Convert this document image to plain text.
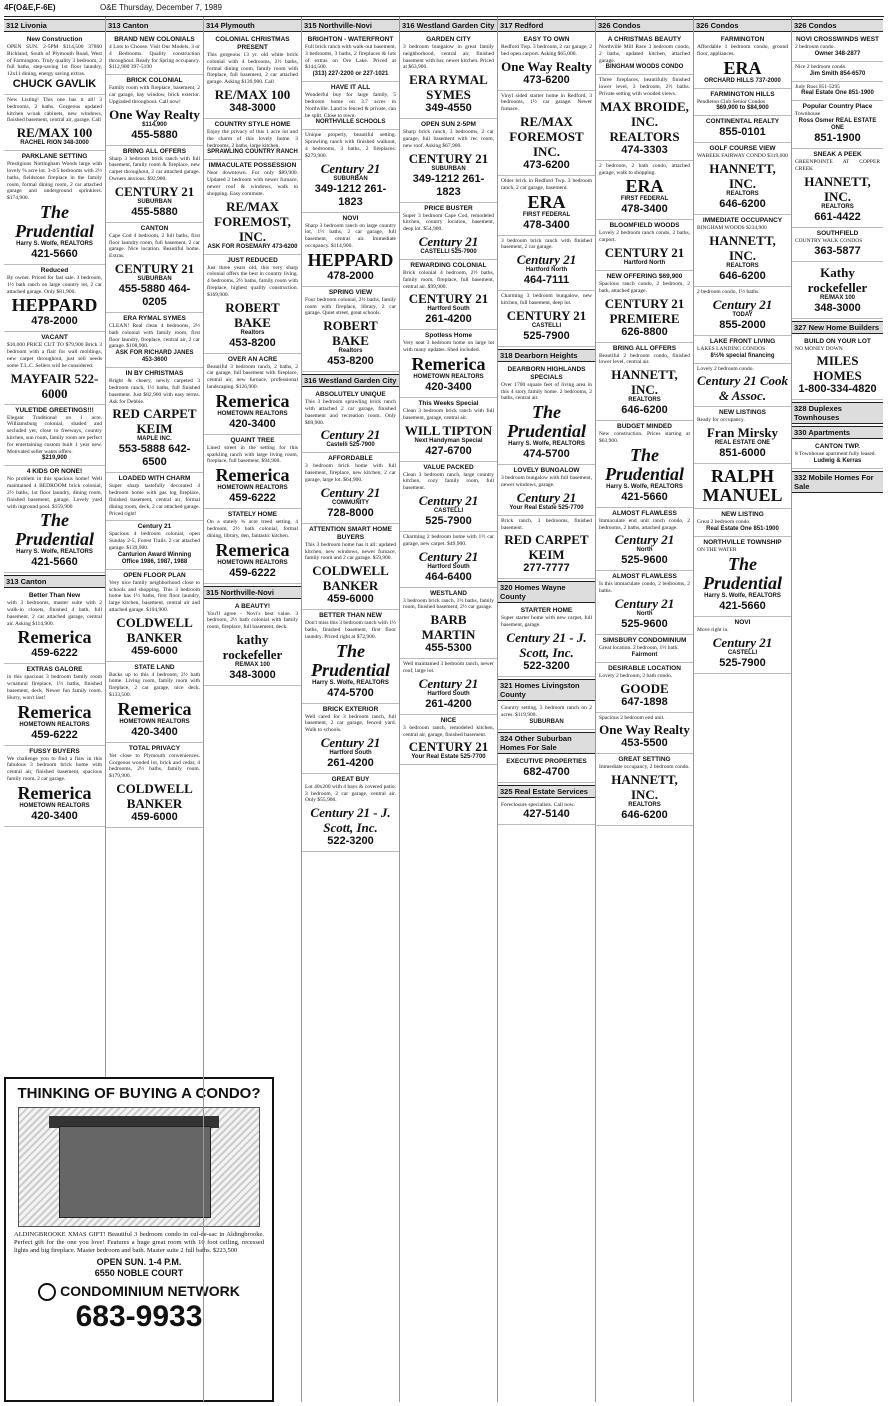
4F(O&E,F-6E)	O&E Thursday, December 7, 1989
312 Livonia
New Construction
OPEN SUN. 2-5PM $114,500 37860 Richland, South of Plymouth Road, West of Farmington. Truly quality 3 bedroom, 2 full baths, step-saving 1st floor laundry, 12x11 dining, energy saving extras.
CHUCK GAVLIK
New Listing! This one has it all! 3 bedrooms, 2 baths. Gorgeous updated kitchen w/oak cabinets, new windows, finished basement, central air, garage. Call
RE/MAX 100
RACHEL RION 348-3000
PARKLANE SETTING
Prestigious Nottingham Woods large with lovely % acre lot. 3-4/5 bedrooms with 2½ baths, fieldstone fireplace in the family room, formal dining room, 2 car attached garage and underground sprinklers. $174,900.
The Prudential
Harry S. Wolfe, REALTORS
421-5660
Reduced
By owner. Priced for fast sale. 3 bedroom, 1½ bath ranch on large country lot, 2 car attached garage. Only $81,900.
HEPPARD
478-2000
VACANT
$10,000 PRICE CUT TO $79,900 Brick 3 bedroom with a flair for wall moldings, new carpet throughout, just sell needs some T.L.C. Sellers will be considered.
MAYFAIR 522-6000
YULETIDE GREETINGS!!!
Elegant Traditional on 1 acre. Williamsburg colonial, shaded and secluded yet, close to freeways, country kitchen, sun room, family room are perfect for entertaining custom built 1 year new. Motivated seller wants offers.
$219,900
4 KIDS OR NONE!
No problem in this spacious home! Well maintained 4 BEDROOM brick colonial, 2½ baths, 1st floor laundry, dining room, finished basement, garage. Lovely yard with inground pool. $159,900
The Prudential
Harry S. Wolfe, REALTORS
421-5660
313 Canton
Better Than New
with 3 bedrooms, master suite with 2 walk-in closets, finished 4 bath, full basement, 2 car attached garage, central air. Asking $114,900.
Remerica
459-6222
EXTRAS GALORE
in this spacious 3 bedroom family room w/natural fireplace, 1½ baths, finished basement, deck. Newer fun family room. Hurry, won't last!
Remerica
HOMETOWN REALTORS
459-6222
FUSSY BUYERS
We challenge you to find a flaw in this fabulous 3 bedroom brick home with central air, finished basement, spacious family room, 2 car garage.
Remerica
HOMETOWN REALTORS
420-3400
THINKING OF BUYING A CONDO?
ALDINGBROOKE XMAS GIFT! Beautiful 3 bedroom condo in cul-de-sac in Aldingbrooke. Perfect gift for the one you love! Features a huge great room with 10 foot ceiling, recessed lights and big fireplace. Master bedroom and bath. Master suite 2 full baths. $223,500
OPEN SUN. 1-4 P.M.
6550 NOBLE COURT
CONDOMINIUM NETWORK
683-9933
313 Canton
BRAND NEW COLONIALS
4 Lots to Choose. Visit Our Models. 3 or 4 Bedrooms. Quality construction throughout. Ready for Spring occupancy. $112,900 397-5190
BRICK COLONIAL
Family room with fireplace, basement, 2 car garage, bay window, brick exterior. Upgraded throughout. Call now!
One Way Realty
$114,900
455-5880
BRING ALL OFFERS
Sharp 3 bedroom brick ranch with full basement, family room & fireplace, new carpet throughout, 2 car attached garage. Owners anxious. $92,900.
CENTURY 21
SUBURBAN
455-5880
CANTON
Cape Cod 4 bedroom, 2 full baths, first floor laundry room, full basement, 2 car garage. Nice location. Beautiful home. Extras.
CENTURY 21
SUBURBAN
455-5880 464-0205
ERA RYMAL SYMES
CLEAN! Real clean 4 bedrooms, 2½ bath colonial with family room, first floor laundry, fireplace, central air, 2 car garage. $108,900.
ASK FOR RICHARD JANES 453-3600
IN BY CHRISTMAS
Bright & cheery, newly carpeted 3 bedroom ranch, 1½ baths, full finished basement. Just $82,900 with easy terms. Ask for Debbie.
RED CARPET KEIM
MAPLE INC.
553-5888 642-6500
LOADED WITH CHARM
Super sharp tastefully decorated 4 bedroom home with gas log fireplace, finished basement, central air, formal dining room, deck, 2 car attached garage. Priced right!
Century 21
Spacious 4 bedroom colonial, open Sunday 2-5, Forest Trails. 2 car attached garage. $139,900.
Canturion Award Winning Office 1986, 1987, 1988
OPEN FLOOR PLAN
Very nice family neighborhood close to schools and shopping. This 3 bedroom home has 1½ baths, first floor laundry, large kitchen, basement, central air and attached garage. $104,900.
COLDWELL BANKER
459-6000
STATE LAND
Backs up to this 4 bedroom, 2½ bath home. Living room, family room with fireplace, 2 car garage, nice deck. $133,500.
Remerica
HOMETOWN REALTORS
420-3400
TOTAL PRIVACY
Yet close to Plymouth conveniences. Gorgeous wooded lot, brick and cedar, 4 bedrooms, 2½ baths, family room. $179,900.
COLDWELL BANKER
459-6000
314 Plymouth
COLONIAL CHRISTMAS PRESENT
This gorgeous 13 yr. old white brick colonial with 4 bedrooms, 2½ baths, formal dining room, family room with fireplace, full basement, 2 car attached garage. Asking $139,900. Call
RE/MAX 100
348-3000
COUNTRY STYLE HOME
Enjoy the privacy of this 1 acre lot and the charm of this lovely home. 3 bedrooms, 2 baths, large kitchen.
SPRAWLING COUNTRY RANCH
IMMACULATE POSSESSION
Near downtown. For only $89,900. Updated 2 bedroom with newer furnace, newer roof & windows, walk to shopping. Easy commute.
RE/MAX FOREMOST, INC.
ASK FOR ROSEMARY 473-6200
JUST REDUCED
Just three years old, this very sharp colonial offers the best in country living. 4 bedrooms, 2½ baths, family room with fireplace, highest quality construction. $169,900.
ROBERT BAKE
Realtors
453-8200
OVER AN ACRE
Beautiful 3 bedroom ranch, 2 baths, 2 car garage, full basement with fireplace, central air, new furnace, professional landscaping. $126,900.
Remerica
HOMETOWN REALTORS
420-3400
QUAINT TREE
Lined street in the setting for this sparkling ranch with large living room, fireplace, full basement. $94,900.
Remerica
HOMETOWN REALTORS
459-6222
STATELY HOME
On a stately ¾ acre treed setting. 4 bedroom, 2½ bath colonial, formal dining, library, den, fantastic kitchen.
Remerica
HOMETOWN REALTORS
459-6222
315 Northville-Novi
A BEAUTY!
You'll agree - Novi's best value. 3 bedroom, 2½ bath colonial with family room, fireplace, full basement, deck.
kathy rockefeller
RE/MAX 100
348-3000
315 Northville-Novi
BRIGHTON - WATERFRONT
Full brick ranch with walk-out basement, 3 bedrooms, 3 baths, 2 fireplaces & lots of extras on Ore Lake. Priced at $144,500.
(313) 227-2200 or 227-1021
HAVE IT ALL
Wonderful buy for large family, 5 bedroom home on 3.7 acres in Northville. Land is fenced & private, can be split. Close to town.
NORTHVILLE SCHOOLS
Unique property, beautiful setting. Sprawling ranch with finished walkout, 4 bedrooms, 3 baths, 2 fireplaces. $279,900.
Century 21
SUBURBAN
349-1212 261-1823
NOVI
Sharp 3 bedroom ranch on large country lot, 1½ baths, 2 car garage, full basement, central air. Immediate occupancy. $114,900.
HEPPARD
478-2000
SPRING VIEW
Four bedroom colonial, 2½ baths, family room with fireplace, library, 2 car garage. Quiet street, great schools.
ROBERT BAKE
Realtors
453-8200
316 Westland Garden City
ABSOLUTELY UNIQUE
This 3 bedroom sprawling brick ranch with attached 2 car garage, finished basement and recreation room. Only $69,900.
Century 21
Castelli 525-7900
AFFORDABLE
3 bedroom brick home with full basement, fireplace, new kitchen, 2 car garage, large lot. $64,900.
Century 21
COMMUNITY
728-8000
ATTENTION SMART HOME BUYERS
This 3 bedroom home has it all: updated kitchen, new windows, newer furnace, family room and 2 car garage. $59,900.
COLDWELL BANKER
459-6000
BETTER THAN NEW
Don't miss this 3 bedroom ranch with 1½ baths, finished basement, first floor laundry. Priced right at $72,900.
The Prudential
Harry S. Wolfe, REALTORS
474-5700
BRICK EXTERIOR
Well cared for 3 bedroom ranch, full basement, 2 car garage, fenced yard. Walk to schools.
Century 21
Hartford South
261-4200
GREAT BUY
Lot 40x200 with 4 bays & covered patio. 3 bedroom, 2 car garage, central air. Only $55,900.
Century 21 - J. Scott, Inc.
522-3200
316 Westland Garden City
GARDEN CITY
3 bedroom bungalow in great family neighborhood, central air, finished basement with bar, newer kitchen. Priced at $63,900.
ERA RYMAL SYMES
349-4550
OPEN SUN 2-5PM
Sharp brick ranch, 3 bedrooms, 2 car garage, full basement with rec room, new roof. Asking $67,900.
CENTURY 21
SUBURBAN
349-1212 261-1823
PRICE BUSTER
Super 3 bedroom Cape Cod, remodeled kitchen, country location, basement, deep lot. $54,900.
Century 21
CASTELLI 525-7900
REWARDING COLONIAL
Brick colonial 4 bedroom, 2½ baths, family room, fireplace, full basement, central air. $99,900.
CENTURY 21
Hartford South
261-4200
Spotless Home
Very neat 3 bedroom home on large lot with many updates. Shed included.
Remerica
HOMETOWN REALTORS
420-3400
This Weeks Special
Clean 3 bedroom brick ranch with full basement, garage, central air.
WILL TIPTON
Next Handyman Special
427-6700
VALUE PACKED
Clean 3 bedroom ranch, large country kitchen, cozy family room, full basement.
Century 21
CASTELLI
525-7900
Charming 2 bedroom home with 1½ car garage, new carpet. $49,900.
Century 21
Hartford South
464-6400
WESTLAND
3 bedroom brick ranch, 1½ baths, family room, finished basement, 2½ car garage.
BARB MARTIN
455-5300
Well maintained 3 bedroom ranch, newer roof, large lot.
Century 21
Hartford South
261-4200
NICE
3 bedroom ranch, remodeled kitchen, central air, garage, finished basement.
CENTURY 21
Your Real Estate 525-7700
317 Redford
EASY TO OWN
Redford Twp. 3 bedroom, 2 car garage, 2 bed open carport. Asking $65,000.
One Way Realty
473-6200
Vinyl sided starter home in Redford, 3 bedrooms, 1½ car garage. Newer furnace.
RE/MAX FOREMOST INC.
473-6200
Older brick in Redford Twp. 3 bedroom ranch, 2 car garage, basement.
ERA
FIRST FEDERAL
478-3400
3 bedroom brick ranch with finished basement, 2 car garage.
Century 21
Hartford North
464-7111
Charming 3 bedroom bungalow, new kitchen, full basement, deep lot.
CENTURY 21
CASTELLI
525-7900
318 Dearborn Heights
DEARBORN HIGHLANDS SPECIALS
Over 1700 square feet of living area in this 4 story family home. 2 bedrooms, 2 baths, central air.
The Prudential
Harry S. Wolfe, REALTORS
474-5700
LOVELY BUNGALOW
3 bedroom bungalow with full basement, newer windows, garage.
Century 21
Your Real Estate 525-7700
Brick ranch, 3 bedrooms, finished basement.
RED CARPET KEIM
277-7777
320 Homes Wayne County
STARTER HOME
Super starter home with new carpet, full basement, garage.
Century 21 - J. Scott, Inc.
522-3200
321 Homes Livingston County
Country setting, 3 bedroom ranch on 2 acres. $119,900.
SUBURBAN
324 Other Suburban Homes For Sale
EXECUTIVE PROPERTIES
682-4700
325 Real Estate Services
Foreclosure specialists. Call now.
427-5140
326 Condos
A CHRISTMAS BEAUTY
Northville Mill Race 3 bedroom condo, 2 baths, updated kitchen, attached garage.
BINGHAM WOODS CONDO
Three fireplaces, beautifully finished lower level, 3 bedroom, 2½ baths. Private setting with wooded views.
MAX BROIDE, INC. REALTORS
474-3303
2 bedroom, 2 bath condo, attached garage, walk to shopping.
ERA
FIRST FEDERAL
478-3400
BLOOMFIELD WOODS
Lovely 2 bedroom ranch condo, 2 baths, carport.
CENTURY 21
Hartford North
NEW OFFERING $69,900
Spacious ranch condo, 2 bedroom, 2 bath, attached garage.
CENTURY 21 PREMIERE
626-8800
BRING ALL OFFERS
Beautiful 2 bedroom condo, finished lower level, central air.
HANNETT, INC.
REALTORS
646-6200
BUDGET MINDED
New construction. Prices starting at $63,900.
The Prudential
Harry S. Wolfe, REALTORS
421-5660
ALMOST FLAWLESS
Immaculate end unit ranch condo, 2 bedrooms, 2 baths, attached garage.
Century 21
North
525-9600
ALMOST FLAWLESS
Is this immaculate condo, 2 bedrooms, 2 baths.
Century 21
North
525-9600
SIMSBURY CONDOMINIUM
Great location. 2 bedroom, 1½ bath.
Fairmont
DESIRABLE LOCATION
Lovely 2 bedroom, 2 bath condo.
GOODE
647-1898
Spacious 2 bedroom end unit.
One Way Realty
453-5500
GREAT SETTING
Immediate occupancy, 2 bedroom condo.
HANNETT, INC.
REALTORS
646-6200
326 Condos
FARMINGTON
Affordable 1 bedroom condo, ground floor, appliances.
ERA
ORCHARD HILLS 737-2000
FARMINGTON HILLS
Pendleton Club Senior Condos
$69,900 to $84,900
CONTINENTAL REALTY
855-0101
GOLF COURSE VIEW
WABEEK FAIRWAY CONDO $319,000
HANNETT, INC.
REALTORS
646-6200
IMMEDIATE OCCUPANCY
BINGHAM WOODS $234,900
HANNETT, INC.
REALTORS
646-6200
2 bedroom condo, 1½ baths.
Century 21
TODAY
855-2000
LAKE FRONT LIVING
LAKES LANDING CONDOS
8½% special financing
Lovely 2 bedroom condo.
Century 21 Cook & Assoc.
NEW LISTINGS
Ready for occupancy.
Fran Mirsky
REAL ESTATE ONE
851-6000
RALPH MANUEL
NEW LISTING
Great 2 bedroom condo.
Real Estate One 851-1900
NORTHVILLE TOWNSHIP
ON THE WATER
The Prudential
Harry S. Wolfe, REALTORS
421-5660
NOVI
Move right in.
Century 21
CASTELLI
525-7900
326 Condos
NOVI CROSSWINDS WEST
2 bedroom condo.
Owner 348-2877
Nice 2 bedroom condo.
Jim Smith 854-6570
Judy Russ 851-5295
Real Estate One 851-1900
Popular Country Place
Townhouse
Ross Osmer REAL ESTATE ONE
851-1900
SNEAK A PEEK
GREENPOINTE AT COPPER CREEK
HANNETT, INC.
REALTORS
661-4422
SOUTHFIELD
COUNTRY WALK CONDOS
363-5877
Kathy rockefeller
RE/MAX 100
348-3000
327 New Home Builders
BUILD ON YOUR LOT
NO MONEY DOWN
MILES HOMES
1-800-334-4820
328 Duplexes Townhouses
330 Apartments
CANTON TWP.
8 Townhouse apartment fully leased.
Ludwig & Kerras
332 Mobile Homes For Sale
